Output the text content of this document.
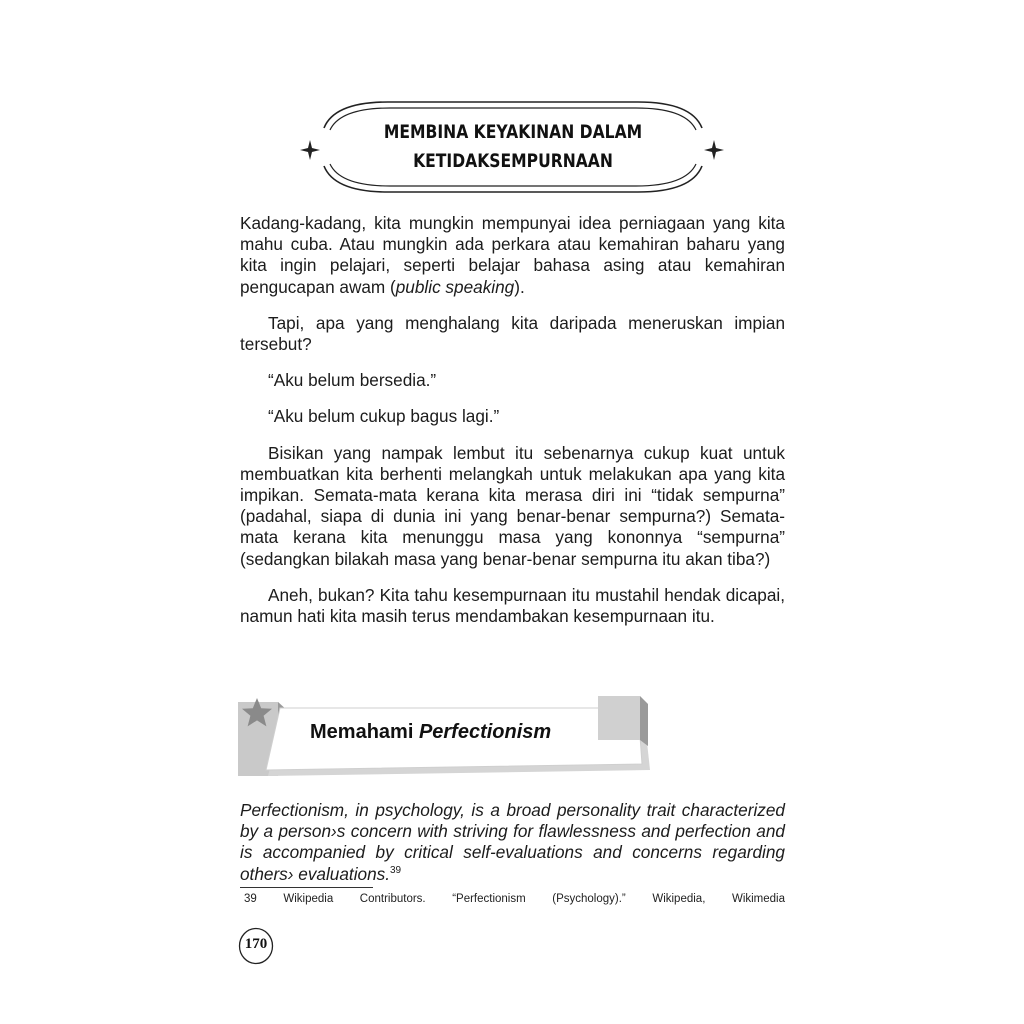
MEMBINA KEYAKINAN DALAM
KETIDAKSEMPURNAAN

Kadang-kadang, kita mungkin mempunyai idea perniagaan yang kita mahu cuba. Atau mungkin ada perkara atau kemahiran baharu yang kita ingin pelajari, seperti belajar bahasa asing atau kemahiran pengucapan awam (public speaking).

Tapi, apa yang menghalang kita daripada meneruskan impian tersebut?

“Aku belum bersedia.”

“Aku belum cukup bagus lagi.”

Bisikan yang nampak lembut itu sebenarnya cukup kuat untuk membuatkan kita berhenti melangkah untuk melakukan apa yang kita impikan. Semata-mata kerana kita merasa diri ini “tidak sempurna” (padahal, siapa di dunia ini yang benar-benar sempurna?) Semata-mata kerana kita menunggu masa yang kononnya “sempurna” (sedangkan bilakah masa yang benar-benar sempurna itu akan tiba?)

Aneh, bukan? Kita tahu kesempurnaan itu mustahil hendak dicapai, namun hati kita masih terus mendambakan kesempurnaan itu.

Memahami Perfectionism

Perfectionism, in psychology, is a broad personality trait characterized by a person›s concern with striving for flawlessness and perfection and is accompanied by critical self-evaluations and concerns regarding others› evaluations.$^{39}$

39 Wikipedia Contributors. “Perfectionism (Psychology).” Wikipedia, Wikimedia
170
